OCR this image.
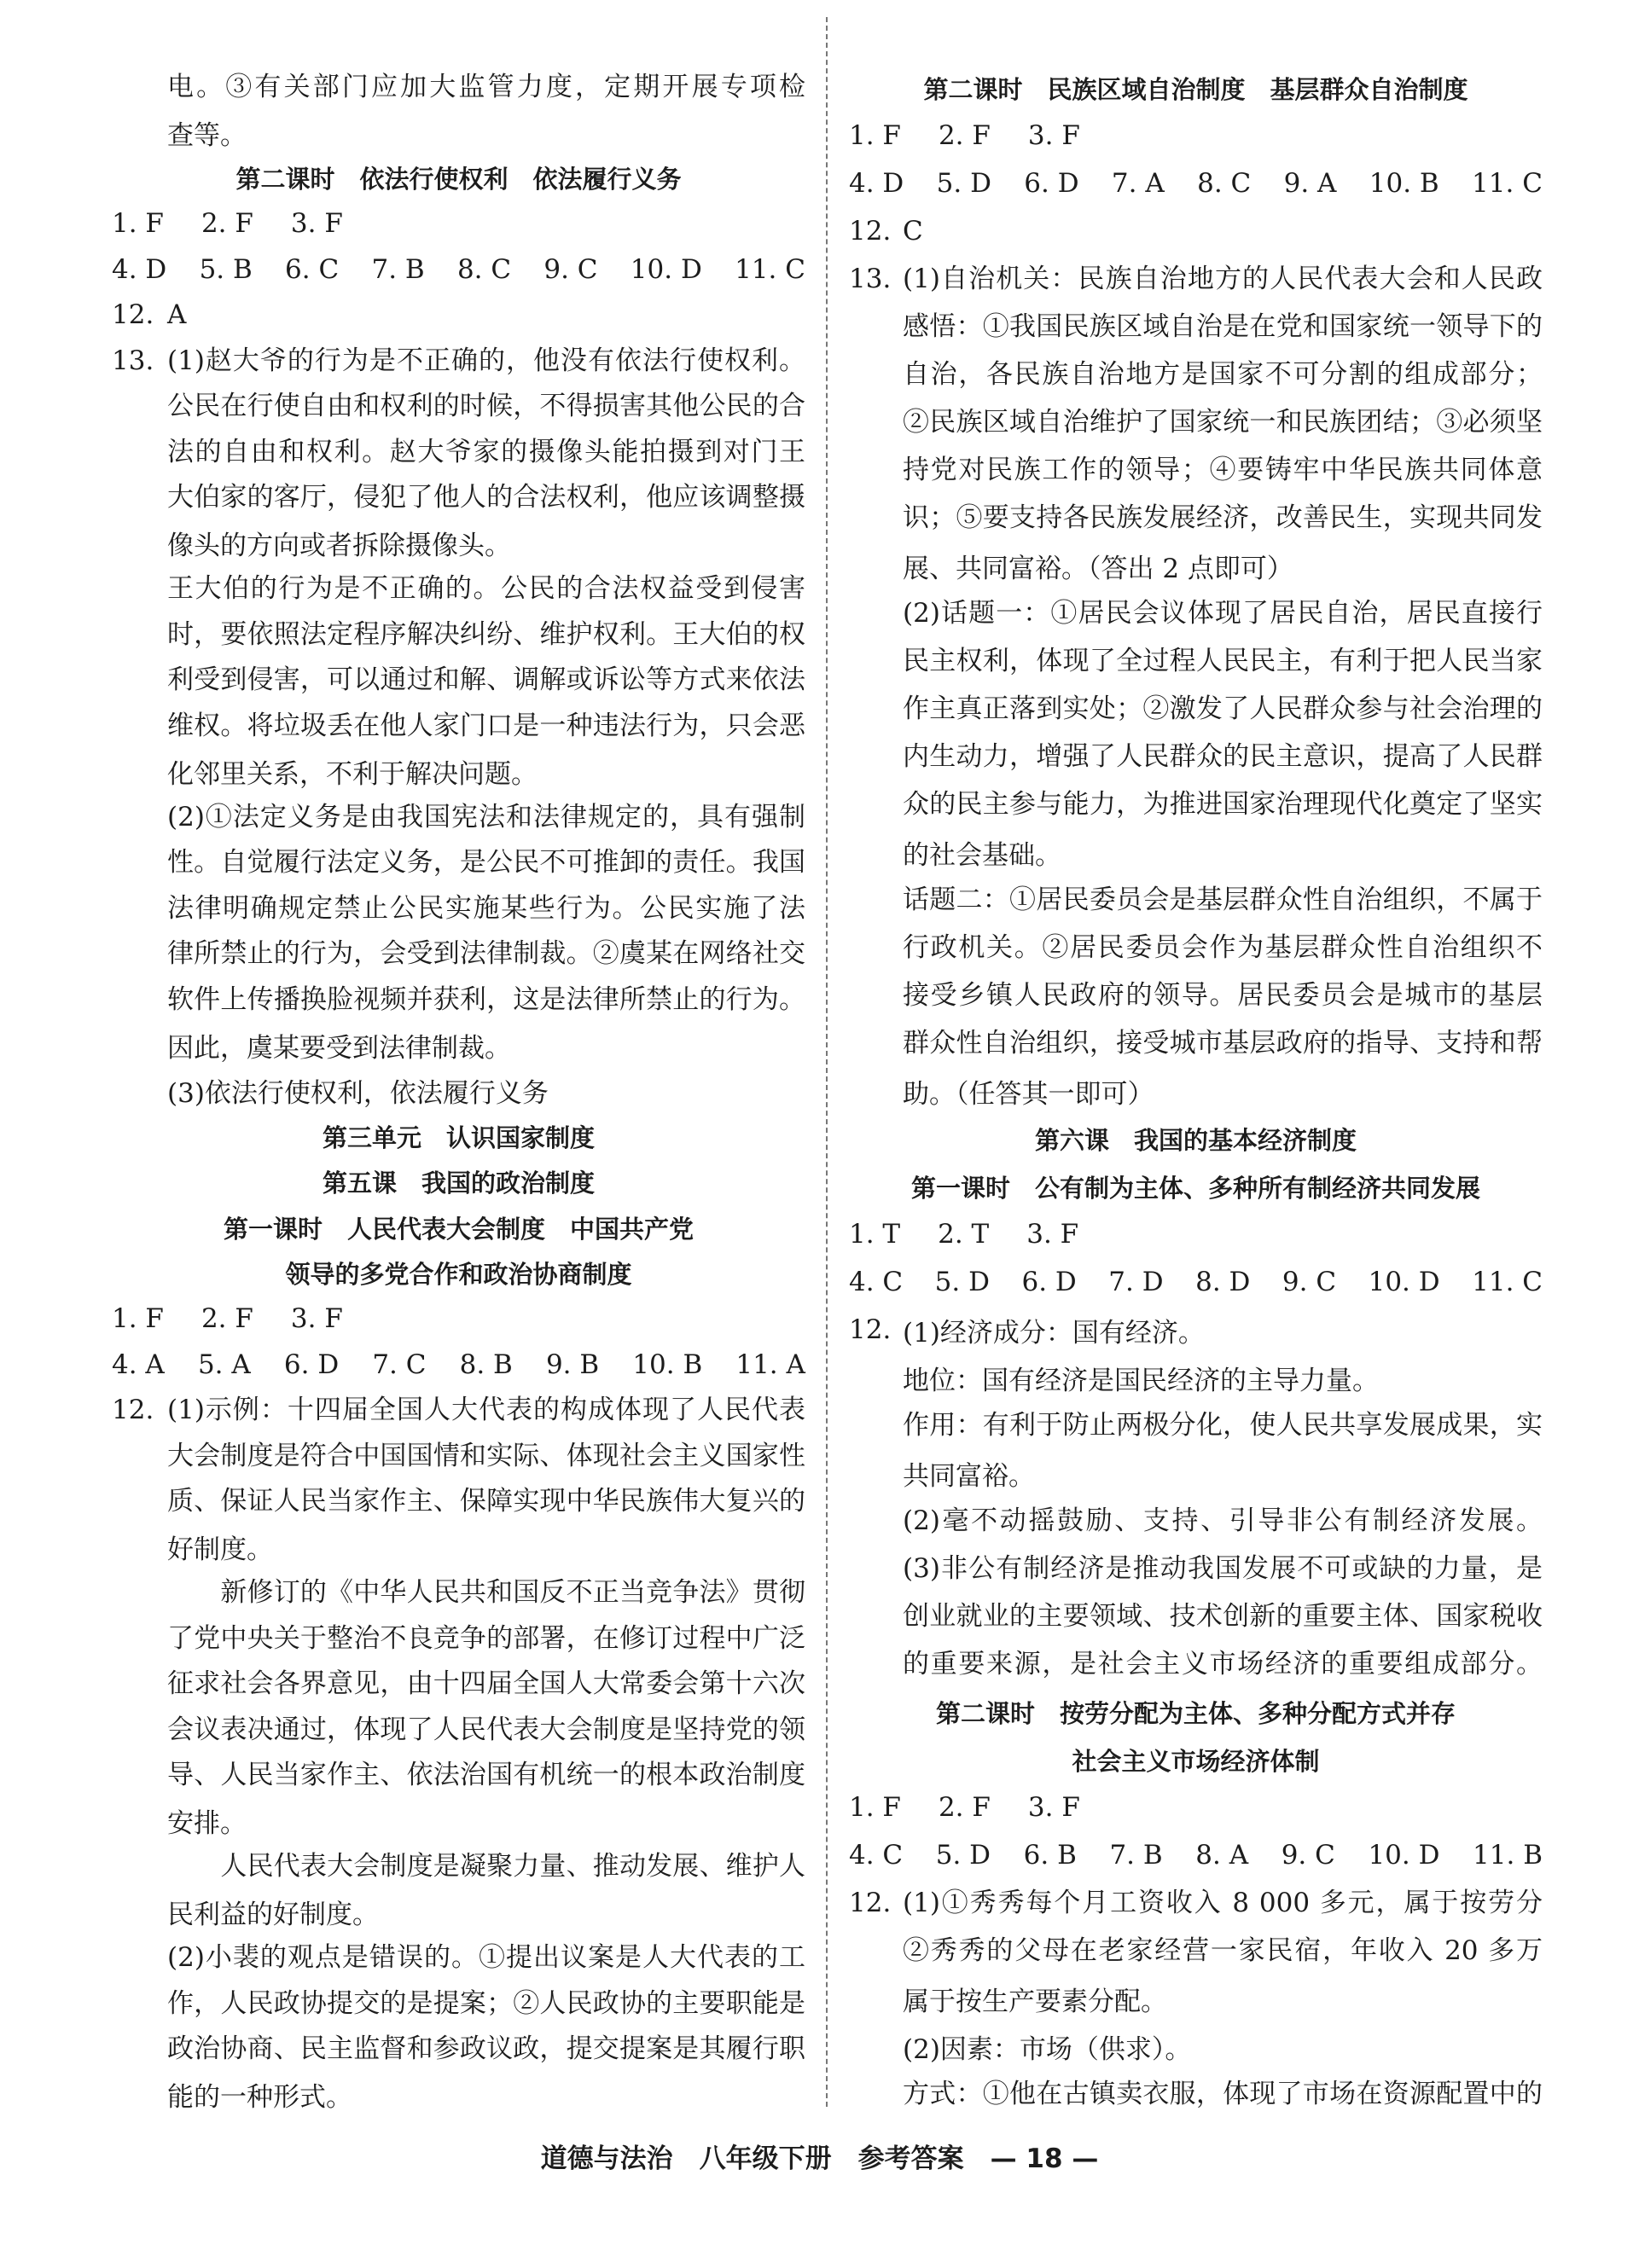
电。③有关部门应加大监管力度，定期开展专项检
查等。
第二课时　依法行使权利　依法履行义务
1. F 2. F 3. F
4. D 5. B 6. C 7. B 8. C 9. C 10. D 11. C
12. A
13. (1)赵大爷的行为是不正确的，他没有依法行使权利。
公民在行使自由和权利的时候，不得损害其他公民的合
法的自由和权利。赵大爷家的摄像头能拍摄到对门王
大伯家的客厅，侵犯了他人的合法权利，他应该调整摄
像头的方向或者拆除摄像头。
王大伯的行为是不正确的。公民的合法权益受到侵害
时，要依照法定程序解决纠纷、维护权利。王大伯的权
利受到侵害，可以通过和解、调解或诉讼等方式来依法
维权。将垃圾丢在他人家门口是一种违法行为，只会恶
化邻里关系，不利于解决问题。
(2)①法定义务是由我国宪法和法律规定的，具有强制
性。自觉履行法定义务，是公民不可推卸的责任。我国
法律明确规定禁止公民实施某些行为。公民实施了法
律所禁止的行为，会受到法律制裁。②虞某在网络社交
软件上传播换脸视频并获利，这是法律所禁止的行为。
因此，虞某要受到法律制裁。
(3)依法行使权利，依法履行义务
第三单元　认识国家制度
第五课　我国的政治制度
第一课时　人民代表大会制度　中国共产党
领导的多党合作和政治协商制度
1. F 2. F 3. F
4. A 5. A 6. D 7. C 8. B 9. B 10. B 11. A
12. (1)示例：十四届全国人大代表的构成体现了人民代表
大会制度是符合中国国情和实际、体现社会主义国家性
质、保证人民当家作主、保障实现中华民族伟大复兴的
好制度。
　　新修订的《中华人民共和国反不正当竞争法》贯彻
了党中央关于整治不良竞争的部署，在修订过程中广泛
征求社会各界意见，由十四届全国人大常委会第十六次
会议表决通过，体现了人民代表大会制度是坚持党的领
导、人民当家作主、依法治国有机统一的根本政治制度
安排。
　　人民代表大会制度是凝聚力量、推动发展、维护人
民利益的好制度。
(2)小裴的观点是错误的。①提出议案是人大代表的工
作，人民政协提交的是提案；②人民政协的主要职能是
政治协商、民主监督和参政议政，提交提案是其履行职
能的一种形式。
第二课时　民族区域自治制度　基层群众自治制度
1. F 2. F 3. F
4. D 5. D 6. D 7. A 8. C 9. A 10. B 11. C
12. C
13. (1)自治机关：民族自治地方的人民代表大会和人民政
感悟：①我国民族区域自治是在党和国家统一领导下的
自治，各民族自治地方是国家不可分割的组成部分；
②民族区域自治维护了国家统一和民族团结；③必须坚
持党对民族工作的领导；④要铸牢中华民族共同体意
识；⑤要支持各民族发展经济，改善民生，实现共同发
展、共同富裕。（答出 2 点即可）
(2)话题一：①居民会议体现了居民自治，居民直接行
民主权利，体现了全过程人民民主，有利于把人民当家
作主真正落到实处；②激发了人民群众参与社会治理的
内生动力，增强了人民群众的民主意识，提高了人民群
众的民主参与能力，为推进国家治理现代化奠定了坚实
的社会基础。
话题二：①居民委员会是基层群众性自治组织，不属于
行政机关。②居民委员会作为基层群众性自治组织不
接受乡镇人民政府的领导。居民委员会是城市的基层
群众性自治组织，接受城市基层政府的指导、支持和帮
助。（任答其一即可）
第六课　我国的基本经济制度
第一课时　公有制为主体、多种所有制经济共同发展
1. T 2. T 3. F
4. C 5. D 6. D 7. D 8. D 9. C 10. D 11. C
12. (1)经济成分：国有经济。
地位：国有经济是国民经济的主导力量。
作用：有利于防止两极分化，使人民共享发展成果，实
共同富裕。
(2)毫不动摇鼓励、支持、引导非公有制经济发展。
(3)非公有制经济是推动我国发展不可或缺的力量，是
创业就业的主要领域、技术创新的重要主体、国家税收
的重要来源，是社会主义市场经济的重要组成部分。
第二课时　按劳分配为主体、多种分配方式并存
社会主义市场经济体制
1. F 2. F 3. F
4. C 5. D 6. B 7. B 8. A 9. C 10. D 11. B
12. (1)①秀秀每个月工资收入 8 000 多元，属于按劳分
②秀秀的父母在老家经营一家民宿，年收入 20 多万
属于按生产要素分配。
(2)因素：市场（供求）。
方式：①他在古镇卖衣服，体现了市场在资源配置中的
道德与法治　 八年级下册　 参考答案　 — 18 —
